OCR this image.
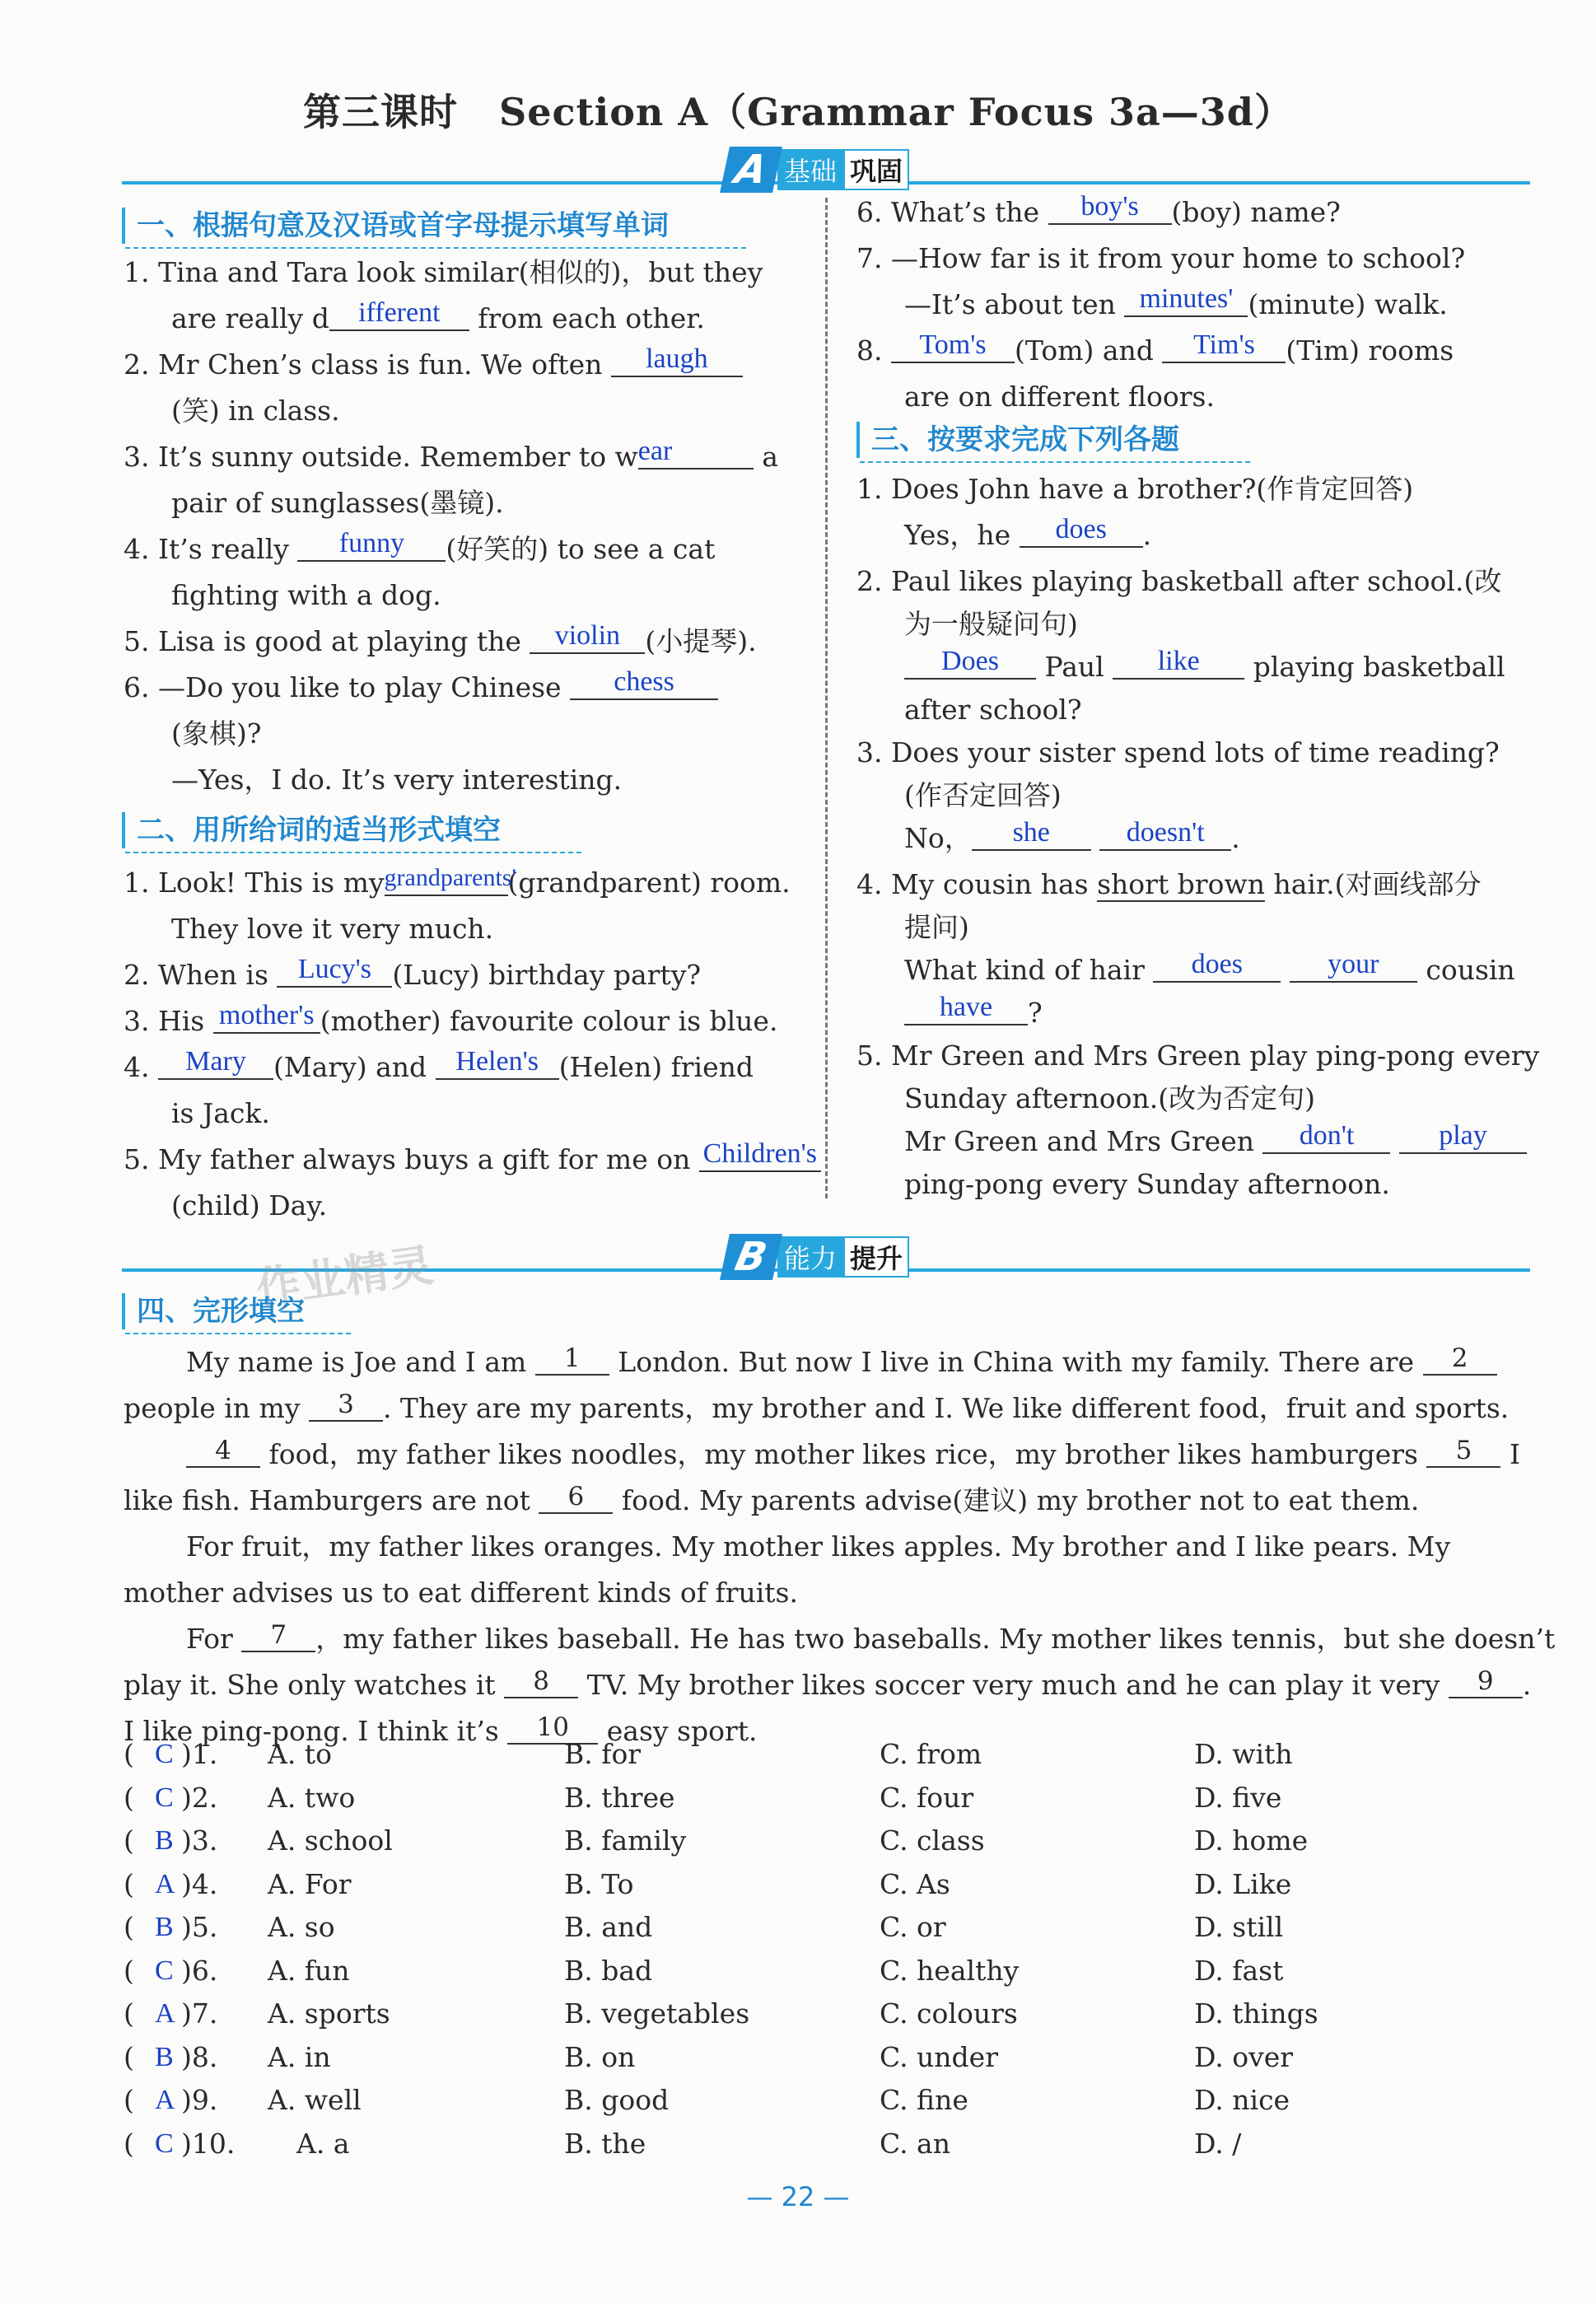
第三课时 Section A（Grammar Focus 3a—3d）
A 基础 巩固
一、根据句意及汉语或首字母提示填写单词
1. Tina and Tara look similar(相似的)，but they
are really d ifferent from each other.
2. Mr Chen’s class is fun. We often laugh
(笑) in class.
3. It’s sunny outside. Remember to wear	a
pair of sunglasses(墨镜).
4. It’s really funny (好笑的) to see a cat
fighting with a dog.
5. Lisa is good at playing the violin (小提琴).
6. —Do you like to play Chinese chess
(象棋)?
—Yes，I do. It’s very interesting.
二、用所给词的适当形式填空
1. Look! This is mygrandparents'(grandparent) room.
They love it very much.
2. When is Lucy's (Lucy) birthday party?
3. His mother's (mother) favourite colour is blue.
4. Mary (Mary) and Helen's (Helen) friend
is Jack.
5. My father always buys a gift for me on Children's
(child) Day.
6. What’s the boy's (boy) name?
7. —How far is it from your home to school?
—It’s about ten minutes' (minute) walk.
8. Tom's (Tom) and Tim's (Tim) rooms
are on different floors.
三、按要求完成下列各题
1. Does John have a brother?(作肯定回答)
Yes，he does .
2. Paul likes playing basketball after school.(改
为一般疑问句)
Does Paul like playing basketball
after school?
3. Does your sister spend lots of time reading?
(作否定回答)
No， she	doesn't .
4. My cousin has short brown hair.(对画线部分
提问)
What kind of hair does	your cousin
have ?
5. Mr Green and Mrs Green play ping-pong every
Sunday afternoon.(改为否定句)
Mr Green and Mrs Green don't	play
ping-pong every Sunday afternoon.
B 能力 提升
作业精灵
四、完形填空
My name is Joe and I am 1 London. But now I live in China with my family. There are 2
people in my 3 . They are my parents，my brother and I. We like different food，fruit and sports.
4 food，my father likes noodles，my mother likes rice，my brother likes hamburgers 5 I
like fish. Hamburgers are not 6 food. My parents advise(建议) my brother not to eat them.
For fruit，my father likes oranges. My mother likes apples. My brother and I like pears. My
mother advises us to eat different kinds of fruits.
For 7 ，my father likes baseball. He has two baseballs. My mother likes tennis，but she doesn’t
play it. She only watches it 8 TV. My brother likes soccer very much and he can play it very 9 .
I like ping-pong. I think it’s 10 easy sport.
( C )1. A. to	B. for	C. from	D. with
( C )2. A. two	B. three	C. four	D. five
( B )3. A. school	B. family	C. class	D. home
( A )4. A. For	B. To	C. As	D. Like
( B )5. A. so	B. and	C. or	D. still
( C )6. A. fun	B. bad	C. healthy	D. fast
( A )7. A. sports	B. vegetables	C. colours	D. things
( B )8. A. in	B. on	C. under	D. over
( A )9. A. well	B. good	C. fine	D. nice
( C )10. A. a	B. the	C. an	D. /
— 22 —
